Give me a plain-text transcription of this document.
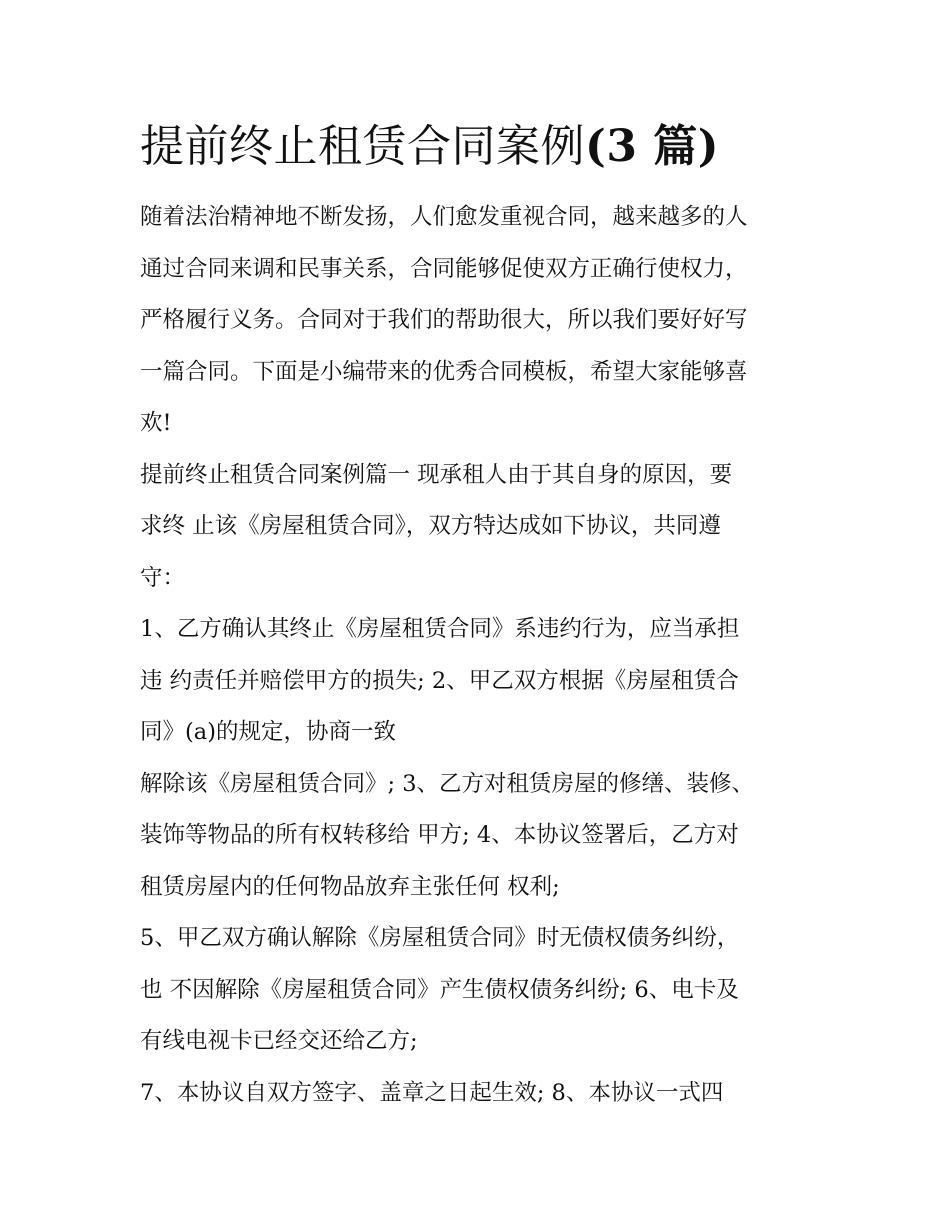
提前终止租赁合同案例(3 篇)

随着法治精神地不断发扬，人们愈发重视合同，越来越多的人
通过合同来调和民事关系，合同能够促使双方正确行使权力，
严格履行义务。合同对于我们的帮助很大，所以我们要好好写
一篇合同。下面是小编带来的优秀合同模板，希望大家能够喜
欢!

提前终止租赁合同案例篇一 现承租人由于其自身的原因，要
求终 止该《房屋租赁合同》，双方特达成如下协议，共同遵
守：

1、乙方确认其终止《房屋租赁合同》系违约行为，应当承担
违 约责任并赔偿甲方的损失; 2、甲乙双方根据《房屋租赁合
同》(a)的规定，协商一致

解除该《房屋租赁合同》; 3、乙方对租赁房屋的修缮、装修、
装饰等物品的所有权转移给 甲方; 4、本协议签署后，乙方对
租赁房屋内的任何物品放弃主张任何 权利;

5、甲乙双方确认解除《房屋租赁合同》时无债权债务纠纷，
也 不因解除《房屋租赁合同》产生债权债务纠纷; 6、电卡及
有线电视卡已经交还给乙方;

7、本协议自双方签字、盖章之日起生效; 8、本协议一式四
